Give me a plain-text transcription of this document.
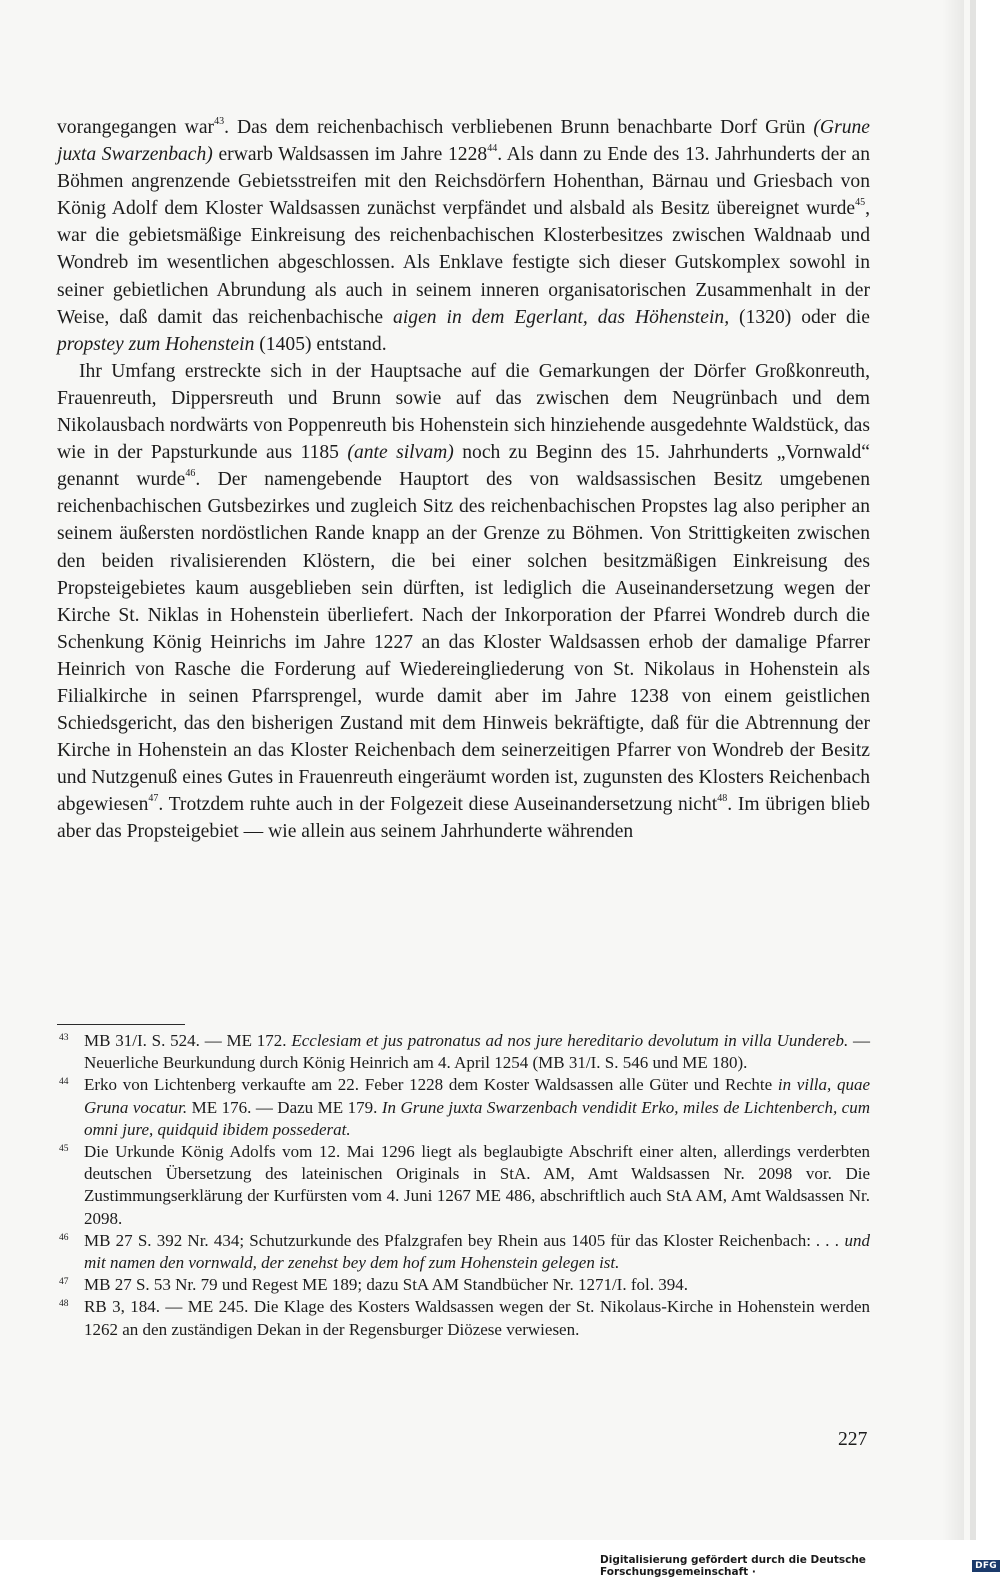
vorangegangen war$^{43}$. Das dem reichenbachisch verbliebenen Brunn benachbarte Dorf Grün (Grune juxta Swarzenbach) erwarb Waldsassen im Jahre 1228$^{44}$. Als dann zu Ende des 13. Jahrhunderts der an Böhmen angrenzende Gebietsstreifen mit den Reichsdörfern Hohenthan, Bärnau und Griesbach von König Adolf dem Kloster Waldsassen zunächst verpfändet und alsbald als Besitz übereignet wurde$^{45}$, war die gebietsmäßige Einkreisung des reichenbachischen Klosterbesitzes zwischen Waldnaab und Wondreb im wesentlichen abgeschlossen. Als Enklave festigte sich dieser Gutskomplex sowohl in seiner gebietlichen Abrundung als auch in seinem inneren organisatorischen Zusammenhalt in der Weise, daß damit das reichenbachische aigen in dem Egerlant, das Höhenstein, (1320) oder die propstey zum Hohenstein (1405) entstand.

Ihr Umfang erstreckte sich in der Hauptsache auf die Gemarkungen der Dörfer Großkonreuth, Frauenreuth, Dippersreuth und Brunn sowie auf das zwischen dem Neugrünbach und dem Nikolausbach nordwärts von Poppenreuth bis Hohenstein sich hinziehende ausgedehnte Waldstück, das wie in der Papsturkunde aus 1185 (ante silvam) noch zu Beginn des 15. Jahrhunderts „Vornwald“ genannt wurde$^{46}$. Der namengebende Hauptort des von waldsassischen Besitz umgebenen reichenbachischen Gutsbezirkes und zugleich Sitz des reichenbachischen Propstes lag also peripher an seinem äußersten nordöstlichen Rande knapp an der Grenze zu Böhmen. Von Strittigkeiten zwischen den beiden rivalisierenden Klöstern, die bei einer solchen besitzmäßigen Einkreisung des Propsteigebietes kaum ausgeblieben sein dürften, ist lediglich die Auseinandersetzung wegen der Kirche St. Niklas in Hohenstein überliefert. Nach der Inkorporation der Pfarrei Wondreb durch die Schenkung König Heinrichs im Jahre 1227 an das Kloster Waldsassen erhob der damalige Pfarrer Heinrich von Rasche die Forderung auf Wiedereingliederung von St. Nikolaus in Hohenstein als Filialkirche in seinen Pfarrsprengel, wurde damit aber im Jahre 1238 von einem geistlichen Schiedsgericht, das den bisherigen Zustand mit dem Hinweis bekräftigte, daß für die Abtrennung der Kirche in Hohenstein an das Kloster Reichenbach dem seinerzeitigen Pfarrer von Wondreb der Besitz und Nutzgenuß eines Gutes in Frauenreuth eingeräumt worden ist, zugunsten des Klosters Reichenbach abgewiesen$^{47}$. Trotzdem ruhte auch in der Folgezeit diese Auseinandersetzung nicht$^{48}$. Im übrigen blieb aber das Propsteigebiet — wie allein aus seinem Jahrhunderte währenden

43 MB 31/I. S. 524. — ME 172. Ecclesiam et jus patronatus ad nos jure hereditario devolutum in villa Uundereb. — Neuerliche Beurkundung durch König Heinrich am 4. April 1254 (MB 31/I. S. 546 und ME 180).
44 Erko von Lichtenberg verkaufte am 22. Feber 1228 dem Koster Waldsassen alle Güter und Rechte in villa, quae Gruna vocatur. ME 176. — Dazu ME 179. In Grune juxta Swarzenbach vendidit Erko, miles de Lichtenberch, cum omni jure, quidquid ibidem possederat.
45 Die Urkunde König Adolfs vom 12. Mai 1296 liegt als beglaubigte Abschrift einer alten, allerdings verderbten deutschen Übersetzung des lateinischen Originals in StA. AM, Amt Waldsassen Nr. 2098 vor. Die Zustimmungserklärung der Kurfürsten vom 4. Juni 1267 ME 486, abschriftlich auch StA AM, Amt Waldsassen Nr. 2098.
46 MB 27 S. 392 Nr. 434; Schutzurkunde des Pfalzgrafen bey Rhein aus 1405 für das Kloster Reichenbach: . . . und mit namen den vornwald, der zenehst bey dem hof zum Hohenstein gelegen ist.
47 MB 27 S. 53 Nr. 79 und Regest ME 189; dazu StA AM Standbücher Nr. 1271/I. fol. 394.
48 RB 3, 184. — ME 245. Die Klage des Kosters Waldsassen wegen der St. Nikolaus-Kirche in Hohenstein werden 1262 an den zuständigen Dekan in der Regensburger Diözese verwiesen.
227
Digitalisierung gefördert durch die Deutsche Forschungsgemeinschaft ·	DFG
